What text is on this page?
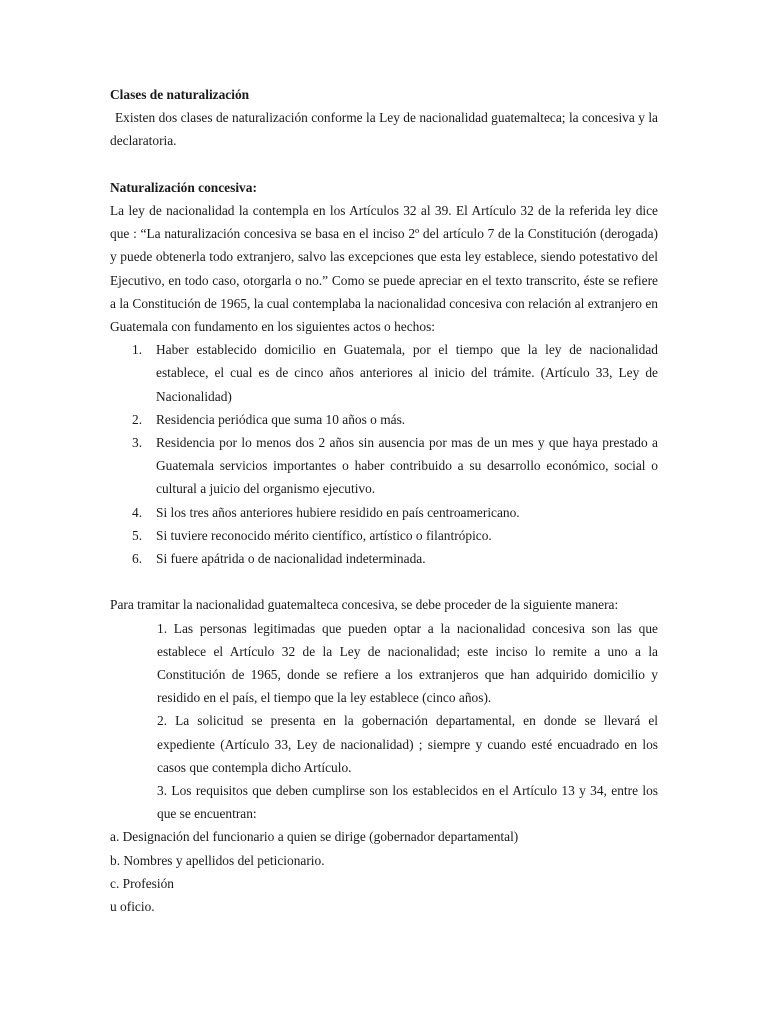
Clases de naturalización

Existen dos clases de naturalización conforme la Ley de nacionalidad guatemalteca; la concesiva y la declaratoria.

Naturalización concesiva:

La ley de nacionalidad la contempla en los Artículos 32 al 39. El Artículo 32 de la referida ley dice que : “La naturalización concesiva se basa en el inciso 2º del artículo 7 de la Constitución (derogada) y puede obtenerla todo extranjero, salvo las excepciones que esta ley establece, siendo potestativo del Ejecutivo, en todo caso, otorgarla o no.” Como se puede apreciar en el texto transcrito, éste se refiere a la Constitución de 1965, la cual contemplaba la nacionalidad concesiva con relación al extranjero en Guatemala con fundamento en los siguientes actos o hechos:

1. Haber establecido domicilio en Guatemala, por el tiempo que la ley de nacionalidad establece, el cual es de cinco años anteriores al inicio del trámite. (Artículo 33, Ley de Nacionalidad)
2. Residencia periódica que suma 10 años o más.
3. Residencia por lo menos dos 2 años sin ausencia por mas de un mes y que haya prestado a Guatemala servicios importantes o haber contribuido a su desarrollo económico, social o cultural a juicio del organismo ejecutivo.
4. Si los tres años anteriores hubiere residido en país centroamericano.
5. Si tuviere reconocido mérito científico, artístico o filantrópico.
6. Si fuere apátrida o de nacionalidad indeterminada.

Para tramitar la nacionalidad guatemalteca concesiva, se debe proceder de la siguiente manera:

1. Las personas legitimadas que pueden optar a la nacionalidad concesiva son las que establece el Artículo 32 de la Ley de nacionalidad; este inciso lo remite a uno a la Constitución de 1965, donde se refiere a los extranjeros que han adquirido domicilio y residido en el país, el tiempo que la ley establece (cinco años).

2. La solicitud se presenta en la gobernación departamental, en donde se llevará el expediente (Artículo 33, Ley de nacionalidad) ; siempre y cuando esté encuadrado en los casos que contempla dicho Artículo.

3. Los requisitos que deben cumplirse son los establecidos en el Artículo 13 y 34, entre los que se encuentran:

a. Designación del funcionario a quien se dirige (gobernador departamental)

b. Nombres y apellidos del peticionario.

c. Profesión

u oficio.
